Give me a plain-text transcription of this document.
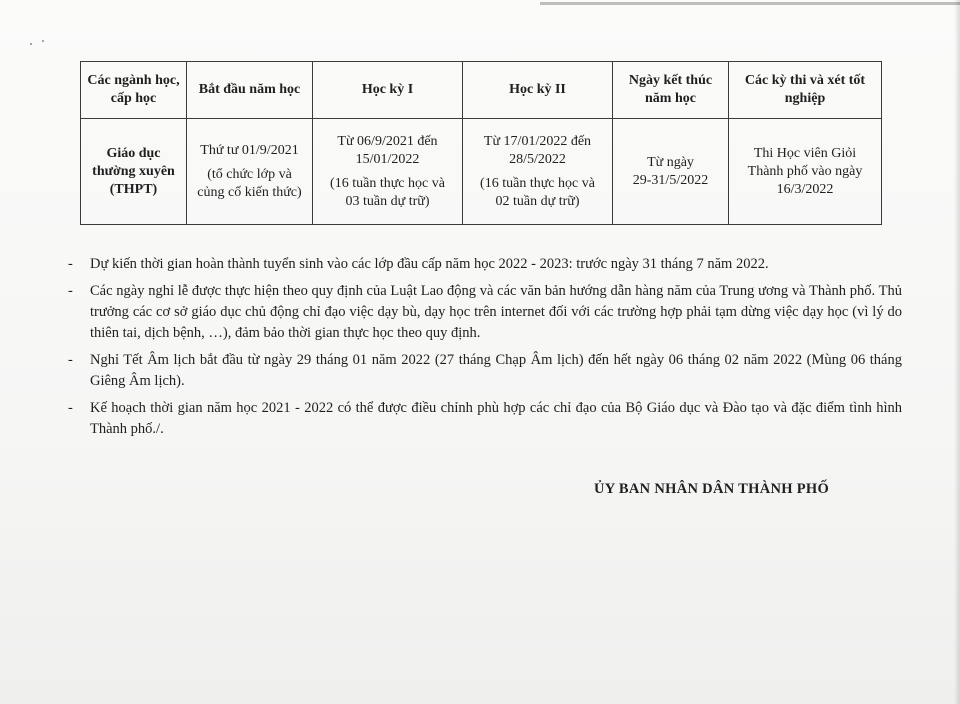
Các ngành học, cấp học	Bắt đầu năm học	Học kỳ I	Học kỳ II	Ngày kết thúc năm học	Các kỳ thi và xét tốt nghiệp

Giáo dục
thường xuyên
(THPT)	Thứ tư 01/9/2021
(tổ chức lớp và
củng cố kiến thức)	Từ 06/9/2021 đến
15/01/2022
(16 tuần thực học và
03 tuần dự trữ)	Từ 17/01/2022 đến
28/5/2022
(16 tuần thực học và
02 tuần dự trữ)	Từ ngày
29-31/5/2022	Thi Học viên Giỏi
Thành phố vào ngày
16/3/2022
- Dự kiến thời gian hoàn thành tuyển sinh vào các lớp đầu cấp năm học 2022 - 2023: trước ngày 31 tháng 7 năm 2022.
- Các ngày nghỉ lễ được thực hiện theo quy định của Luật Lao động và các văn bản hướng dẫn hàng năm của Trung ương và Thành phố. Thủ trưởng các cơ sở giáo dục chủ động chỉ đạo việc dạy bù, dạy học trên internet đối với các trường hợp phải tạm dừng việc dạy học (vì lý do thiên tai, dịch bệnh, …), đảm bảo thời gian thực học theo quy định.
- Nghỉ Tết Âm lịch bắt đầu từ ngày 29 tháng 01 năm 2022 (27 tháng Chạp Âm lịch) đến hết ngày 06 tháng 02 năm 2022 (Mùng 06 tháng Giêng Âm lịch).
- Kế hoạch thời gian năm học 2021 - 2022 có thể được điều chỉnh phù hợp các chỉ đạo của Bộ Giáo dục và Đào tạo và đặc điểm tình hình Thành phố./.
ỦY BAN NHÂN DÂN THÀNH PHỐ
